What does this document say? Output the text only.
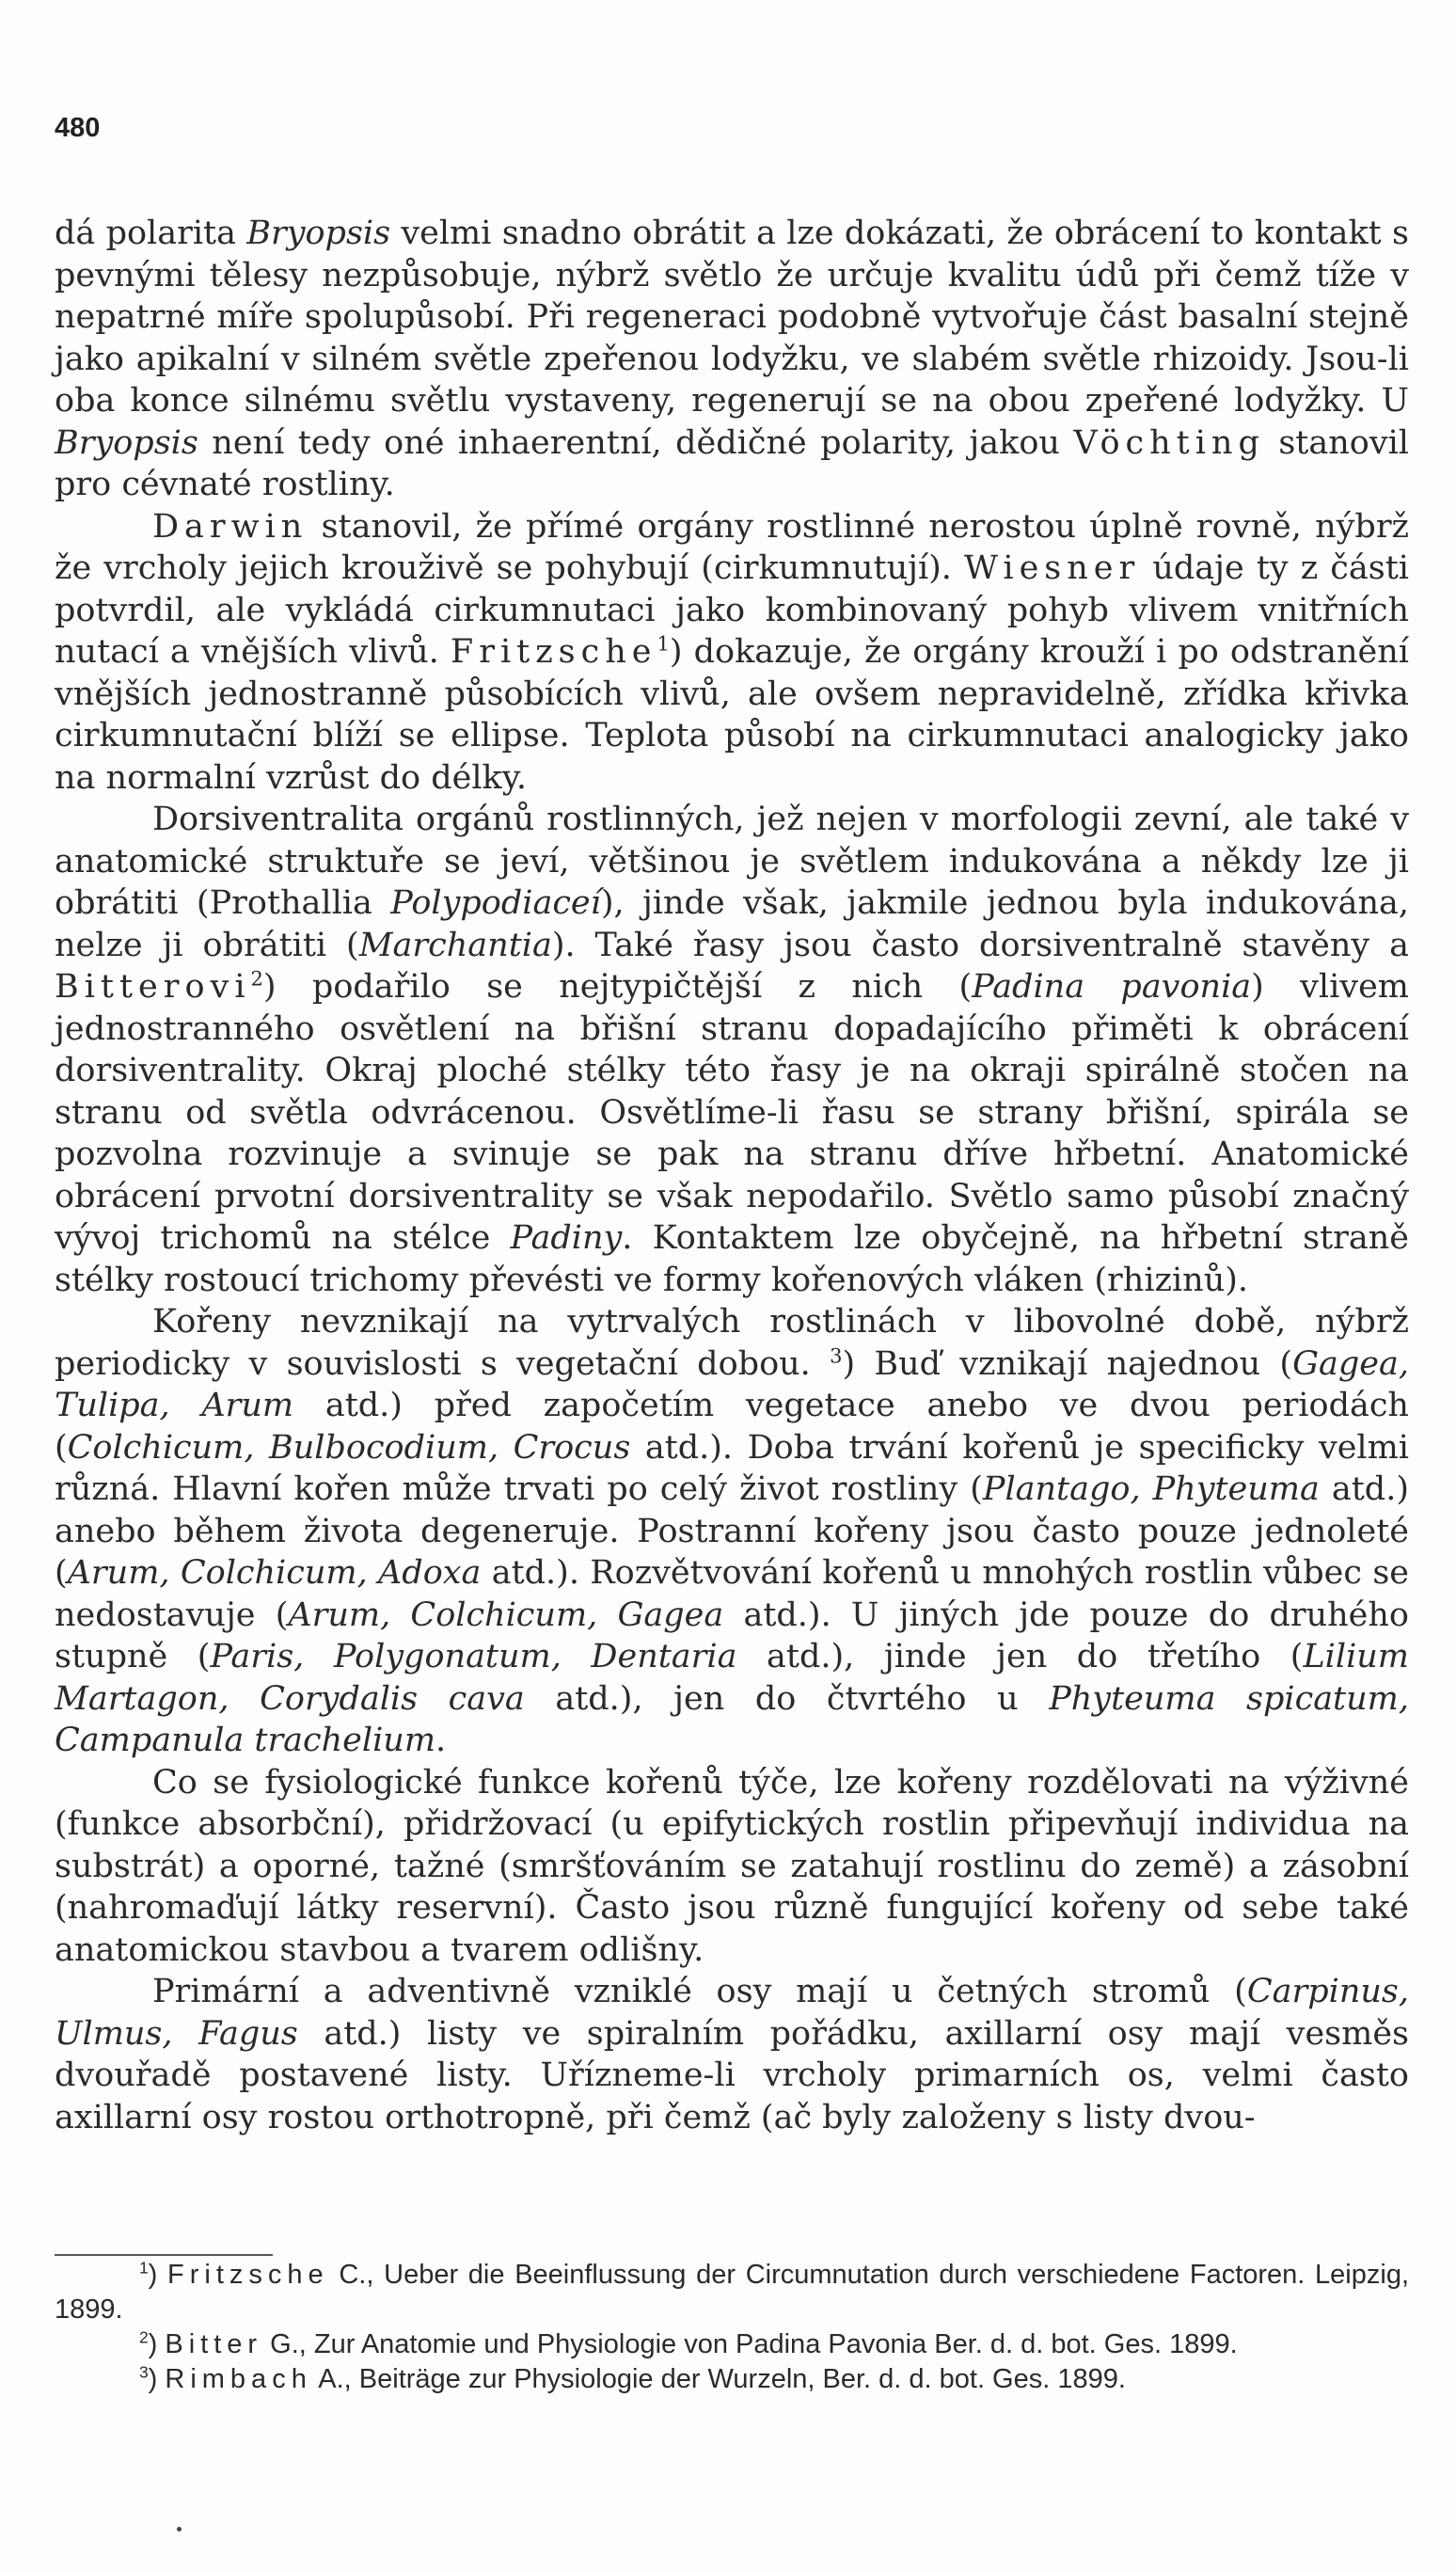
480

dá polarita Bryopsis velmi snadno obrátit a lze dokázati, že obrácení to kontakt s pevnými tělesy nezpůsobuje, nýbrž světlo že určuje kvalitu údů při čemž tíže v nepatrné míře spolupůsobí. Při regeneraci podobně vytvořuje část basalní stejně jako apikalní v silném světle zpeřenou lodyžku, ve slabém světle rhizoidy. Jsou-li oba konce silnému světlu vystaveny, regenerují se na obou zpeřené lodyžky. U Bryopsis není tedy oné inhaerentní, dědičné polarity, jakou Vöchting stanovil pro cévnaté rostliny.

Darwin stanovil, že přímé orgány rostlinné nerostou úplně rovně, nýbrž že vrcholy jejich krouživě se pohybují (cirkumnutují). Wiesner údaje ty z části potvrdil, ale vykládá cirkumnutaci jako kombinovaný pohyb vlivem vnitřních nutací a vnějších vlivů. Fritzsche$^1$) dokazuje, že orgány krouží i po odstranění vnějších jednostranně působících vlivů, ale ovšem nepravidelně, zřídka křivka cirkumnutační blíží se ellipse. Teplota působí na cirkumnutaci analogicky jako na normalní vzrůst do délky.

Dorsiventralita orgánů rostlinných, jež nejen v morfologii zevní, ale také v anatomické struktuře se jeví, většinou je světlem indukována a někdy lze ji obrátiti (Prothallia Polypodiaceí), jinde však, jakmile jednou byla indukována, nelze ji obrátiti (Marchantia). Také řasy jsou často dorsiventralně stavěny a Bitterovi$^2$) podařilo se nejtypičtější z nich (Padina pavonia) vlivem jednostranného osvětlení na břišní stranu dopadajícího přiměti k obrácení dorsiventrality. Okraj ploché stélky této řasy je na okraji spirálně stočen na stranu od světla odvrácenou. Osvětlíme-li řasu se strany břišní, spirála se pozvolna rozvinuje a svinuje se pak na stranu dříve hřbetní. Anatomické obrácení prvotní dorsiventrality se však nepodařilo. Světlo samo působí značný vývoj trichomů na stélce Padiny. Kontaktem lze obyčejně, na hřbetní straně stélky rostoucí trichomy převésti ve formy kořenových vláken (rhizinů).

Kořeny nevznikají na vytrvalých rostlinách v libovolné době, nýbrž periodicky v souvislosti s vegetační dobou. $^3$) Buď vznikají najednou (Gagea, Tulipa, Arum atd.) před započetím vegetace anebo ve dvou periodách (Colchicum, Bulbocodium, Crocus atd.). Doba trvání kořenů je specificky velmi různá. Hlavní kořen může trvati po celý život rostliny (Plantago, Phyteuma atd.) anebo během života degeneruje. Postranní kořeny jsou často pouze jednoleté (Arum, Colchicum, Adoxa atd.). Rozvětvování kořenů u mnohých rostlin vůbec se nedostavuje (Arum, Colchicum, Gagea atd.). U jiných jde pouze do druhého stupně (Paris, Polygonatum, Dentaria atd.), jinde jen do třetího (Lilium Martagon, Corydalis cava atd.), jen do čtvrtého u Phyteuma spicatum, Campanula trachelium.

Co se fysiologické funkce kořenů týče, lze kořeny rozdělovati na výživné (funkce absorbční), přidržovací (u epifytických rostlin připevňují individua na substrát) a oporné, tažné (smršťováním se zatahují rostlinu do země) a zásobní (nahromaďují látky reservní). Často jsou různě fungující kořeny od sebe také anatomickou stavbou a tvarem odlišny.

Primární a adventivně vzniklé osy mají u četných stromů (Carpinus, Ulmus, Fagus atd.) listy ve spiralním pořádku, axillarní osy mají vesměs dvouřadě postavené listy. Uřízneme-li vrcholy primarních os, velmi často axillarní osy rostou orthotropně, při čemž (ač byly založeny s listy dvou-

$^1$) Fritzsche C., Ueber die Beeinflussung der Circumnutation durch verschiedene Factoren. Leipzig, 1899.

$^2$) Bitter G., Zur Anatomie und Physiologie von Padina Pavonia Ber. d. d. bot. Ges. 1899.

$^3$) Rimbach A., Beiträge zur Physiologie der Wurzeln, Ber. d. d. bot. Ges. 1899.
